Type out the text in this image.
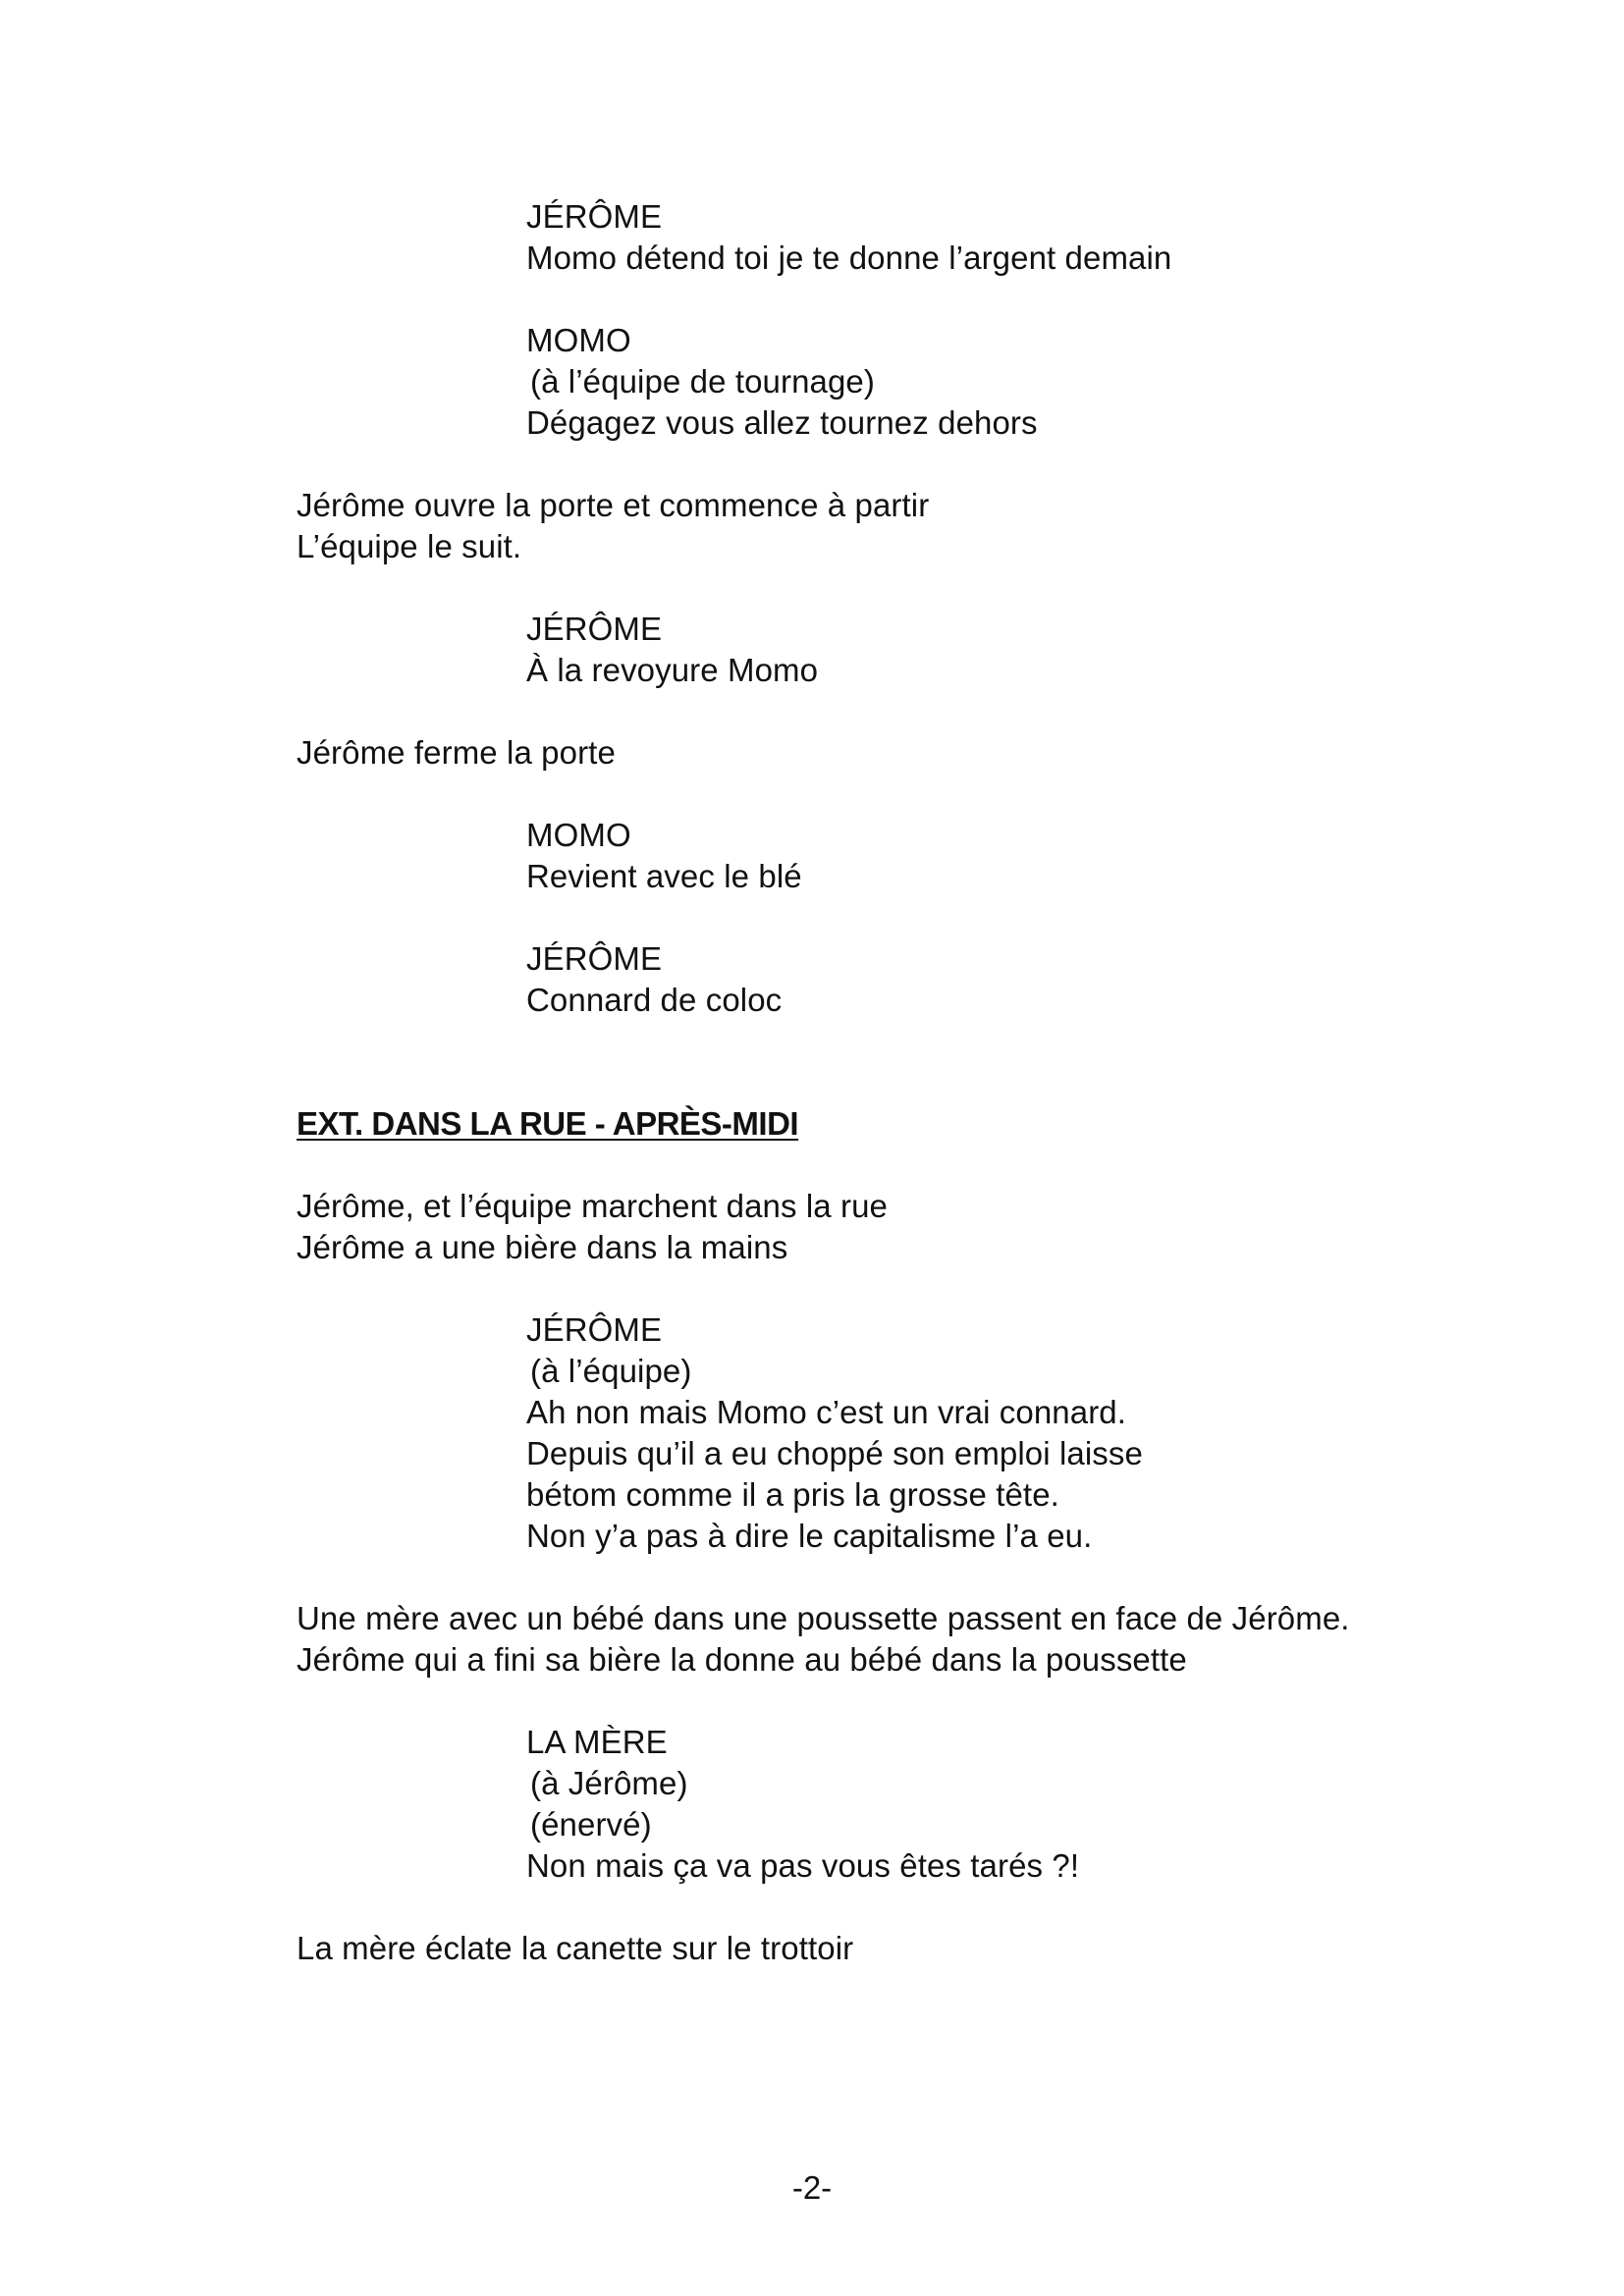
JÉRÔME
Momo détend toi je te donne l’argent demain
MOMO
(à l’équipe de tournage)
Dégagez vous allez tournez dehors
Jérôme ouvre la porte et commence à partir
L’équipe le suit.
JÉRÔME
À la revoyure Momo
Jérôme ferme la porte
MOMO
Revient avec le blé
JÉRÔME
Connard de coloc
EXT. DANS LA RUE - APRÈS-MIDI
Jérôme, et l’équipe marchent dans la rue
Jérôme a une bière dans la mains
JÉRÔME
(à l’équipe)
Ah non mais Momo c’est un vrai connard.
Depuis qu’il a eu choppé son emploi laisse
bétom comme il a pris la grosse tête.
Non y’a pas à dire le capitalisme l’a eu.
Une mère avec un bébé dans une poussette passent en face de Jérôme.
Jérôme qui a fini sa bière la donne au bébé dans la poussette
LA MÈRE
(à Jérôme)
(énervé)
Non mais ça va pas vous êtes tarés ?!
La mère éclate la canette sur le trottoir
-2-
